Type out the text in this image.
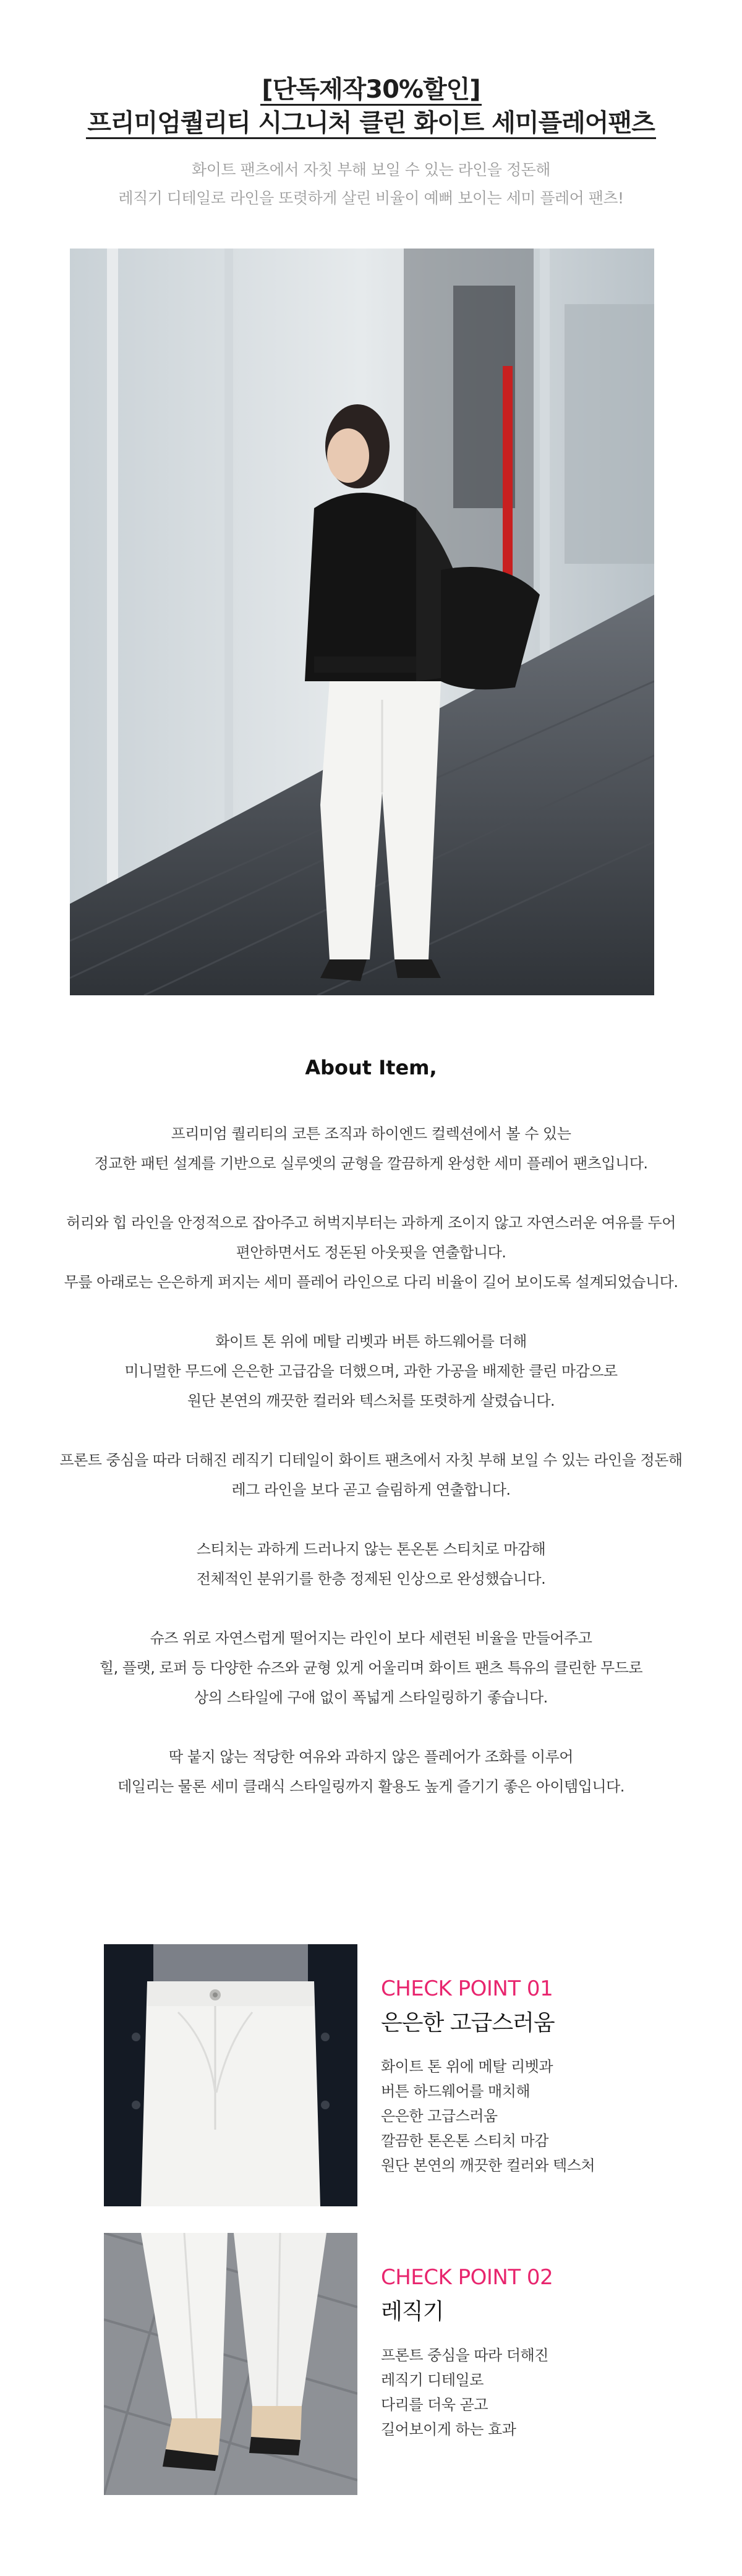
[단독제작30%할인]
프리미엄퀄리티 시그니처 클린 화이트 세미플레어팬츠
화이트 팬츠에서 자칫 부해 보일 수 있는 라인을 정돈해
레직기 디테일로 라인을 또렷하게 살린 비율이 예뻐 보이는 세미 플레어 팬츠!
About Item,
프리미엄 퀄리티의 코튼 조직과 하이엔드 컬렉션에서 볼 수 있는
정교한 패턴 설계를 기반으로 실루엣의 균형을 깔끔하게 완성한 세미 플레어 팬츠입니다.
허리와 힙 라인을 안정적으로 잡아주고 허벅지부터는 과하게 조이지 않고 자연스러운 여유를 두어
편안하면서도 정돈된 아웃핏을 연출합니다.
무릎 아래로는 은은하게 퍼지는 세미 플레어 라인으로 다리 비율이 길어 보이도록 설계되었습니다.
화이트 톤 위에 메탈 리벳과 버튼 하드웨어를 더해
미니멀한 무드에 은은한 고급감을 더했으며, 과한 가공을 배제한 클린 마감으로
원단 본연의 깨끗한 컬러와 텍스처를 또렷하게 살렸습니다.
프론트 중심을 따라 더해진 레직기 디테일이 화이트 팬츠에서 자칫 부해 보일 수 있는 라인을 정돈해
레그 라인을 보다 곧고 슬림하게 연출합니다.
스티치는 과하게 드러나지 않는 톤온톤 스티치로 마감해
전체적인 분위기를 한층 정제된 인상으로 완성했습니다.
슈즈 위로 자연스럽게 떨어지는 라인이 보다 세련된 비율을 만들어주고
힐, 플랫, 로퍼 등 다양한 슈즈와 균형 있게 어울리며 화이트 팬츠 특유의 클린한 무드로
상의 스타일에 구애 없이 폭넓게 스타일링하기 좋습니다.
딱 붙지 않는 적당한 여유와 과하지 않은 플레어가 조화를 이루어
데일리는 물론 세미 클래식 스타일링까지 활용도 높게 즐기기 좋은 아이템입니다.
CHECK POINT 01
은은한 고급스러움
화이트 톤 위에 메탈 리벳과
버튼 하드웨어를 매치해
은은한 고급스러움
깔끔한 톤온톤 스티치 마감
원단 본연의 깨끗한 컬러와 텍스처
CHECK POINT 02
레직기
프론트 중심을 따라 더해진
레직기 디테일로
다리를 더욱 곧고
길어보이게 하는 효과
